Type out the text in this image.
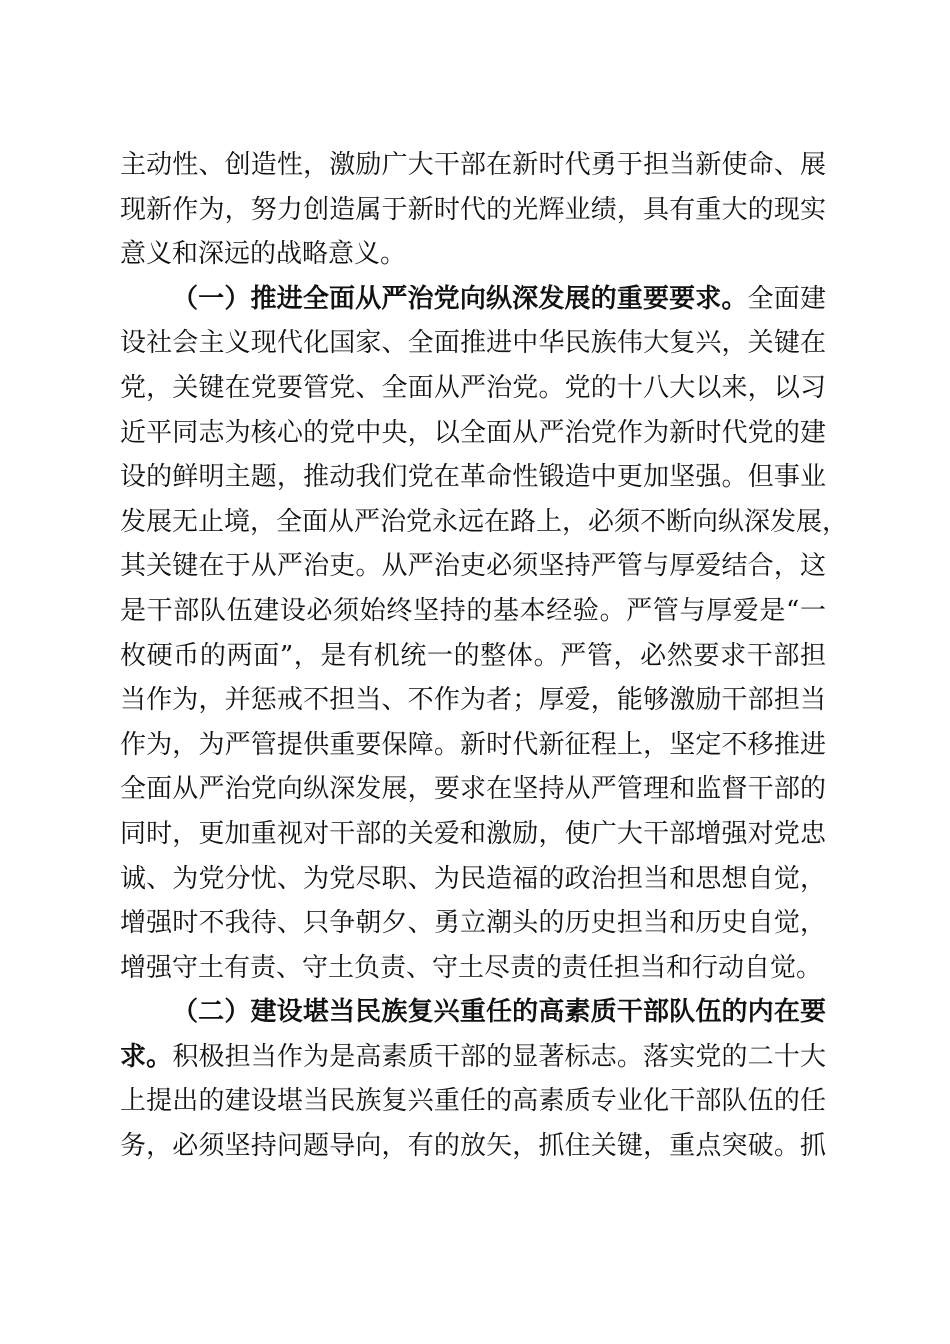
主动性、创造性，激励广大干部在新时代勇于担当新使命、展
现新作为，努力创造属于新时代的光辉业绩，具有重大的现实
意义和深远的战略意义。
（一）推进全面从严治党向纵深发展的重要要求。全面建
设社会主义现代化国家、全面推进中华民族伟大复兴，关键在
党，关键在党要管党、全面从严治党。党的十八大以来，以习
近平同志为核心的党中央，以全面从严治党作为新时代党的建
设的鲜明主题，推动我们党在革命性锻造中更加坚强。但事业
发展无止境，全面从严治党永远在路上，必须不断向纵深发展，
其关键在于从严治吏。从严治吏必须坚持严管与厚爱结合，这
是干部队伍建设必须始终坚持的基本经验。严管与厚爱是“一
枚硬币的两面”，是有机统一的整体。严管，必然要求干部担
当作为，并惩戒不担当、不作为者；厚爱，能够激励干部担当
作为，为严管提供重要保障。新时代新征程上，坚定不移推进
全面从严治党向纵深发展，要求在坚持从严管理和监督干部的
同时，更加重视对干部的关爱和激励，使广大干部增强对党忠
诚、为党分忧、为党尽职、为民造福的政治担当和思想自觉，
增强时不我待、只争朝夕、勇立潮头的历史担当和历史自觉，
增强守土有责、守土负责、守土尽责的责任担当和行动自觉。
（二）建设堪当民族复兴重任的高素质干部队伍的内在要
求。积极担当作为是高素质干部的显著标志。落实党的二十大
上提出的建设堪当民族复兴重任的高素质专业化干部队伍的任
务，必须坚持问题导向，有的放矢，抓住关键，重点突破。抓
